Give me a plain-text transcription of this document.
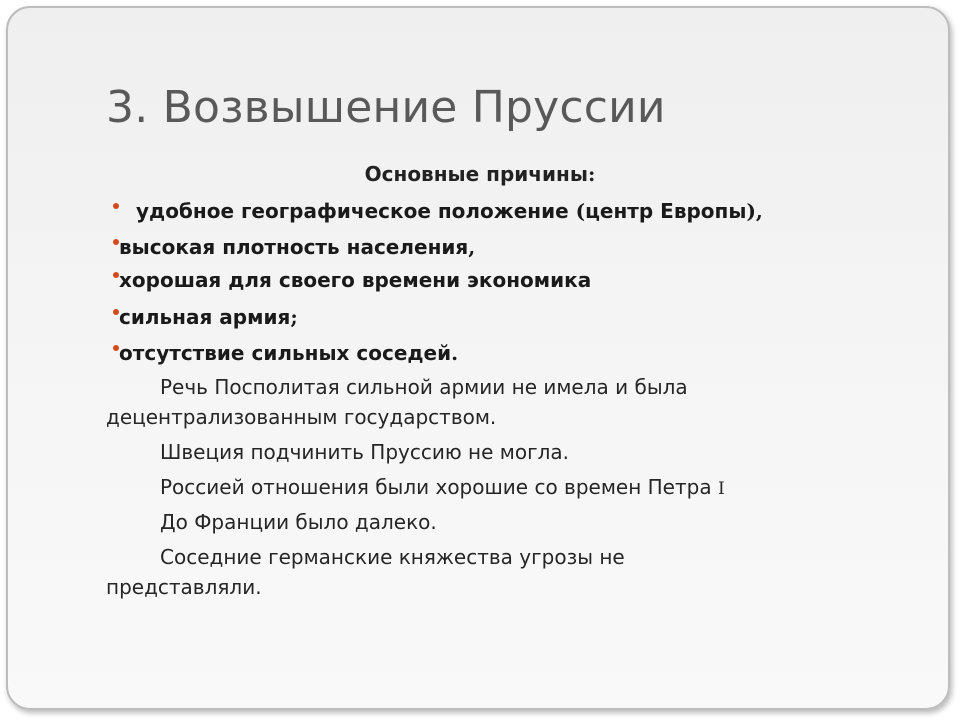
3. Возвышение Пруссии
Основные причины:
удобное географическое положение (центр Европы),
высокая плотность населения,
хорошая для своего времени экономика
сильная армия;
отсутствие сильных соседей.
Речь Посполитая сильной армии не имела и была
децентрализованным государством.
Швеция подчинить Пруссию не могла.
Россией отношения были хорошие со времен Петра I
До Франции было далеко.
Соседние германские княжества угрозы не
представляли.
